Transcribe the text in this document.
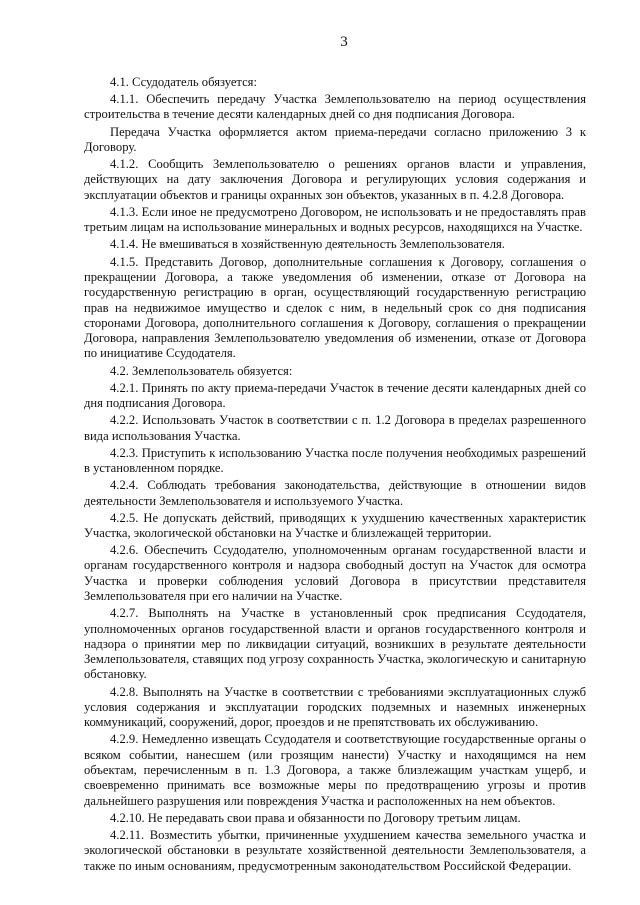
3

4.1. Ссудодатель обязуется:

4.1.1. Обеспечить передачу Участка Землепользователю на период осуществления строительства в течение десяти календарных дней со дня подписания Договора.

Передача Участка оформляется актом приема-передачи согласно приложению 3 к Договору.

4.1.2. Сообщить Землепользователю о решениях органов власти и управления, действующих на дату заключения Договора и регулирующих условия содержания и эксплуатации объектов и границы охранных зон объектов, указанных в п. 4.2.8 Договора.

4.1.3. Если иное не предусмотрено Договором, не использовать и не предоставлять прав третьим лицам на использование минеральных и водных ресурсов, находящихся на Участке.

4.1.4. Не вмешиваться в хозяйственную деятельность Землепользователя.

4.1.5. Представить Договор, дополнительные соглашения к Договору, соглашения о прекращении Договора, а также уведомления об изменении, отказе от Договора на государственную регистрацию в орган, осуществляющий государственную регистрацию прав на недвижимое имущество и сделок с ним, в недельный срок со дня подписания сторонами Договора, дополнительного соглашения к Договору, соглашения о прекращении Договора, направления Землепользователю уведомления об изменении, отказе от Договора по инициативе Ссудодателя.

4.2. Землепользователь обязуется:

4.2.1. Принять по акту приема-передачи Участок в течение десяти календарных дней со дня подписания Договора.

4.2.2. Использовать Участок в соответствии с п. 1.2 Договора в пределах разрешенного вида использования Участка.

4.2.3. Приступить к использованию Участка после получения необходимых разрешений в установленном порядке.

4.2.4. Соблюдать требования законодательства, действующие в отношении видов деятельности Землепользователя и используемого Участка.

4.2.5. Не допускать действий, приводящих к ухудшению качественных характеристик Участка, экологической обстановки на Участке и близлежащей территории.

4.2.6. Обеспечить Ссудодателю, уполномоченным органам государственной власти и органам государственного контроля и надзора свободный доступ на Участок для осмотра Участка и проверки соблюдения условий Договора в присутствии представителя Землепользователя при его наличии на Участке.

4.2.7. Выполнять на Участке в установленный срок предписания Ссудодателя, уполномоченных органов государственной власти и органов государственного контроля и надзора о принятии мер по ликвидации ситуаций, возникших в результате деятельности Землепользователя, ставящих под угрозу сохранность Участка, экологическую и санитарную обстановку.

4.2.8. Выполнять на Участке в соответствии с требованиями эксплуатационных служб условия содержания и эксплуатации городских подземных и наземных инженерных коммуникаций, сооружений, дорог, проездов и не препятствовать их обслуживанию.

4.2.9. Немедленно извещать Ссудодателя и соответствующие государственные органы о всяком событии, нанесшем (или грозящим нанести) Участку и находящимся на нем объектам, перечисленным в п. 1.3 Договора, а также близлежащим участкам ущерб, и своевременно принимать все возможные меры по предотвращению угрозы и против дальнейшего разрушения или повреждения Участка и расположенных на нем объектов.

4.2.10. Не передавать свои права и обязанности по Договору третьим лицам.

4.2.11. Возместить убытки, причиненные ухудшением качества земельного участка и экологической обстановки в результате хозяйственной деятельности Землепользователя, а также по иным основаниям, предусмотренным законодательством Российской Федерации.
